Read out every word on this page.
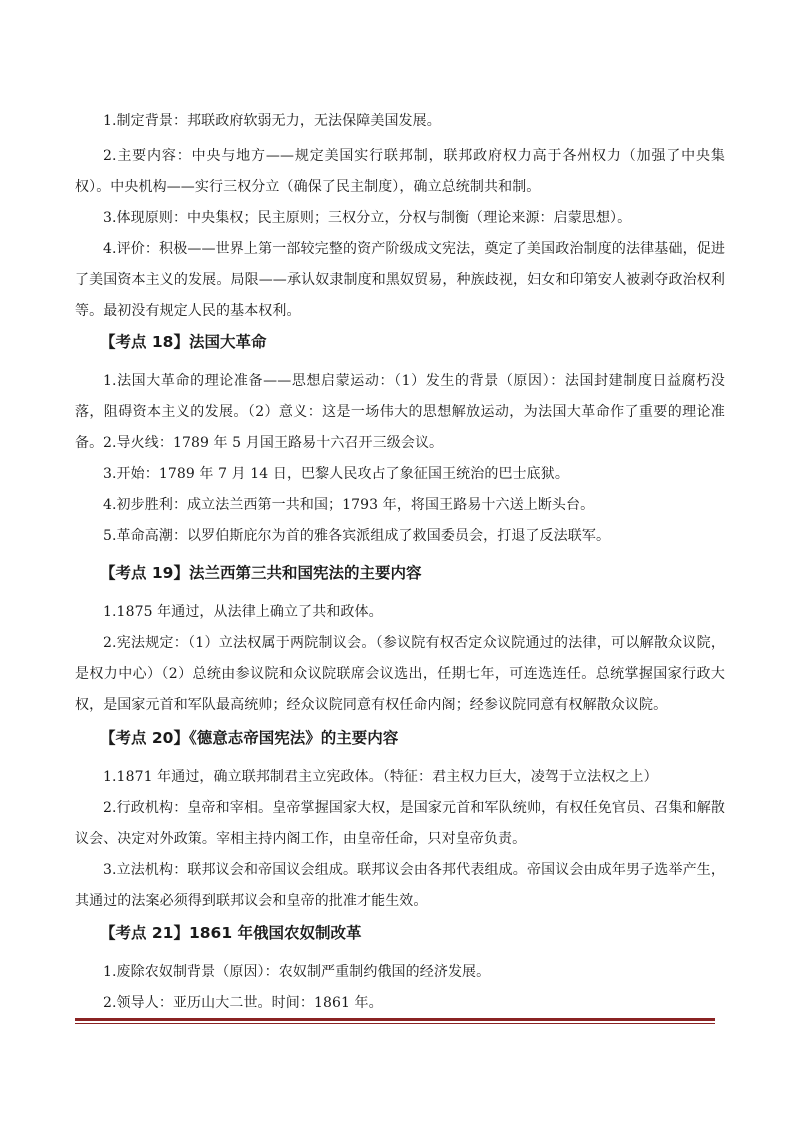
1.制定背景：邦联政府软弱无力，无法保障美国发展。

2.主要内容：中央与地方——规定美国实行联邦制，联邦政府权力高于各州权力（加强了中央集权）。中央机构——实行三权分立（确保了民主制度），确立总统制共和制。

3.体现原则：中央集权；民主原则；三权分立，分权与制衡（理论来源：启蒙思想）。

4.评价：积极——世界上第一部较完整的资产阶级成文宪法，奠定了美国政治制度的法律基础，促进了美国资本主义的发展。局限——承认奴隶制度和黑奴贸易，种族歧视，妇女和印第安人被剥夺政治权利等。最初没有规定人民的基本权利。

【考点 18】法国大革命

1.法国大革命的理论准备——思想启蒙运动：（1）发生的背景（原因）：法国封建制度日益腐朽没落，阻碍资本主义的发展。（2）意义：这是一场伟大的思想解放运动，为法国大革命作了重要的理论准备。 2.导火线：1789 年 5 月国王路易十六召开三级会议。

3.开始：1789 年 7 月 14 日，巴黎人民攻占了象征国王统治的巴士底狱。

4.初步胜利：成立法兰西第一共和国；1793 年，将国王路易十六送上断头台。

5.革命高潮：以罗伯斯庇尔为首的雅各宾派组成了救国委员会，打退了反法联军。

【考点 19】法兰西第三共和国宪法的主要内容

1.1875 年通过，从法律上确立了共和政体。

2.宪法规定：（1）立法权属于两院制议会。（参议院有权否定众议院通过的法律，可以解散众议院，是权力中心）（2）总统由参议院和众议院联席会议选出，任期七年，可连选连任。总统掌握国家行政大权，是国家元首和军队最高统帅；经众议院同意有权任命内阁；经参议院同意有权解散众议院。

【考点 20】《德意志帝国宪法》的主要内容

1.1871 年通过，确立联邦制君主立宪政体。（特征：君主权力巨大，凌驾于立法权之上）

2.行政机构：皇帝和宰相。皇帝掌握国家大权，是国家元首和军队统帅，有权任免官员、召集和解散议会、决定对外政策。宰相主持内阁工作，由皇帝任命，只对皇帝负责。

3.立法机构：联邦议会和帝国议会组成。联邦议会由各邦代表组成。帝国议会由成年男子选举产生，其通过的法案必须得到联邦议会和皇帝的批准才能生效。

【考点 21】1861 年俄国农奴制改革

1.废除农奴制背景（原因）：农奴制严重制约俄国的经济发展。

2.领导人：亚历山大二世。时间：1861 年。
